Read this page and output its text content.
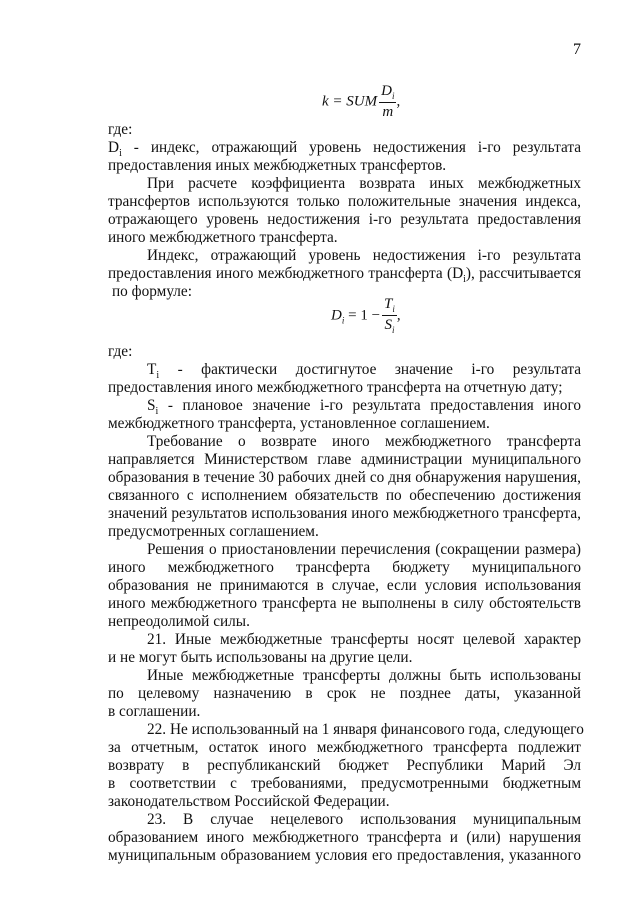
7
k = SUM $\frac{D_i}{m}$ ,
$D_i = 1 - \frac{T_i}{S_i}$ ,
где:
$D_i$ - индекс, отражающий уровень недостижения i-го результата
предоставления иных межбюджетных трансфертов.
При расчете коэффициента возврата иных межбюджетных
трансфертов используются только положительные значения индекса,
отражающего уровень недостижения i-го результата предоставления
иного межбюджетного трансферта.
Индекс, отражающий уровень недостижения i-го результата
предоставления иного межбюджетного трансферта $(D_i)$, рассчитывается
по формуле:
где:
$T_i$ - фактически достигнутое значение i-го результата
предоставления иного межбюджетного трансферта на отчетную дату;
$S_i$ - плановое значение i-го результата предоставления иного
межбюджетного трансферта, установленное соглашением.
Требование о возврате иного межбюджетного трансферта
направляется Министерством главе администрации муниципального
образования в течение 30 рабочих дней со дня обнаружения нарушения,
связанного с исполнением обязательств по обеспечению достижения
значений результатов использования иного межбюджетного трансферта,
предусмотренных соглашением.
Решения о приостановлении перечисления (сокращении размера)
иного межбюджетного трансферта бюджету муниципального
образования не принимаются в случае, если условия использования
иного межбюджетного трансферта не выполнены в силу обстоятельств
непреодолимой силы.
21. Иные межбюджетные трансферты носят целевой характер
и не могут быть использованы на другие цели.
Иные межбюджетные трансферты должны быть использованы
по целевому назначению в срок не позднее даты, указанной
в соглашении.
22. Не использованный на 1 января финансового года, следующего
за отчетным, остаток иного межбюджетного трансферта подлежит
возврату в республиканский бюджет Республики Марий Эл
в соответствии с требованиями, предусмотренными бюджетным
законодательством Российской Федерации.
23. В случае нецелевого использования муниципальным
образованием иного межбюджетного трансферта и (или) нарушения
муниципальным образованием условия его предоставления, указанного
